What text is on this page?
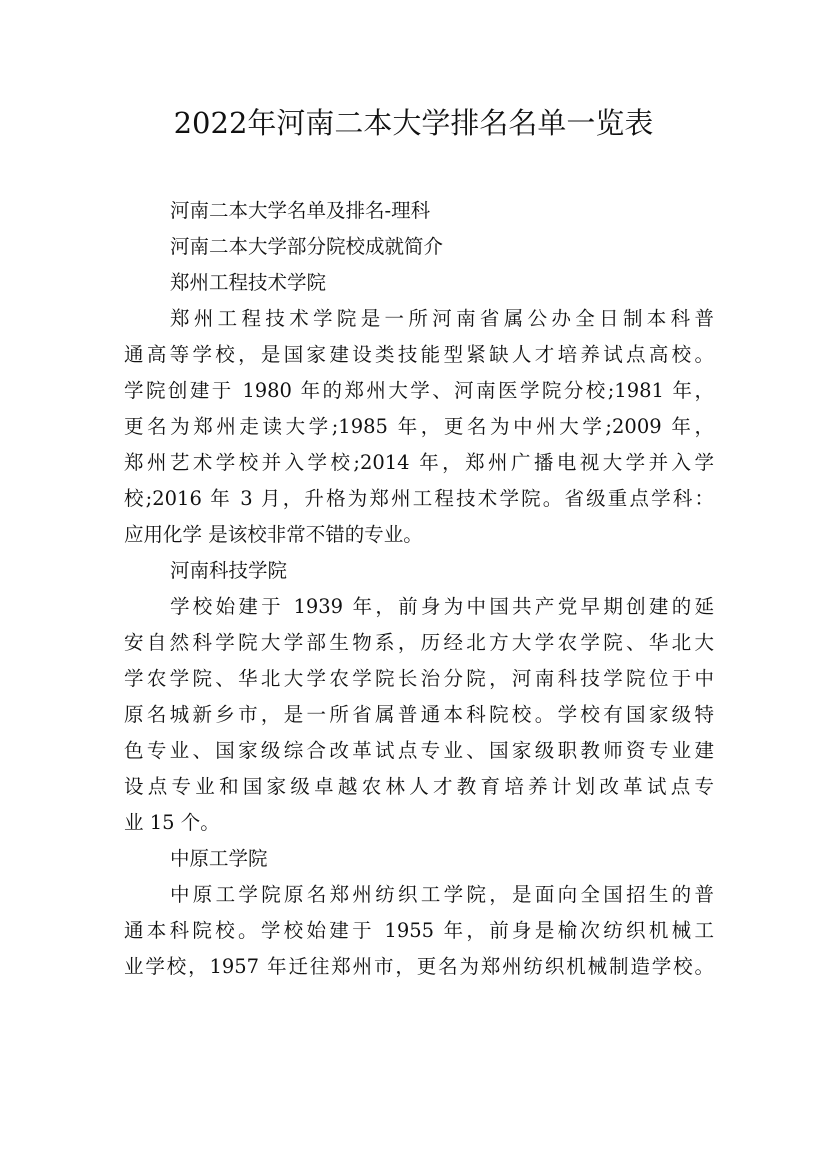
2022年河南二本大学排名名单一览表
河南二本大学名单及排名-理科
河南二本大学部分院校成就简介
郑州工程技术学院
郑州工程技术学院是一所河南省属公办全日制本科普
通高等学校，是国家建设类技能型紧缺人才培养试点高校。
学院创建于 1980 年的郑州大学、河南医学院分校;1981 年，
更名为郑州走读大学;1985 年，更名为中州大学;2009 年，
郑州艺术学校并入学校;2014 年，郑州广播电视大学并入学
校;2016 年 3 月，升格为郑州工程技术学院。省级重点学科：
应用化学 是该校非常不错的专业。
河南科技学院
学校始建于 1939 年，前身为中国共产党早期创建的延
安自然科学院大学部生物系，历经北方大学农学院、华北大
学农学院、华北大学农学院长治分院，河南科技学院位于中
原名城新乡市，是一所省属普通本科院校。学校有国家级特
色专业、国家级综合改革试点专业、国家级职教师资专业建
设点专业和国家级卓越农林人才教育培养计划改革试点专
业 15 个。
中原工学院
中原工学院原名郑州纺织工学院，是面向全国招生的普
通本科院校。学校始建于 1955 年，前身是榆次纺织机械工
业学校，1957 年迁往郑州市，更名为郑州纺织机械制造学校。
